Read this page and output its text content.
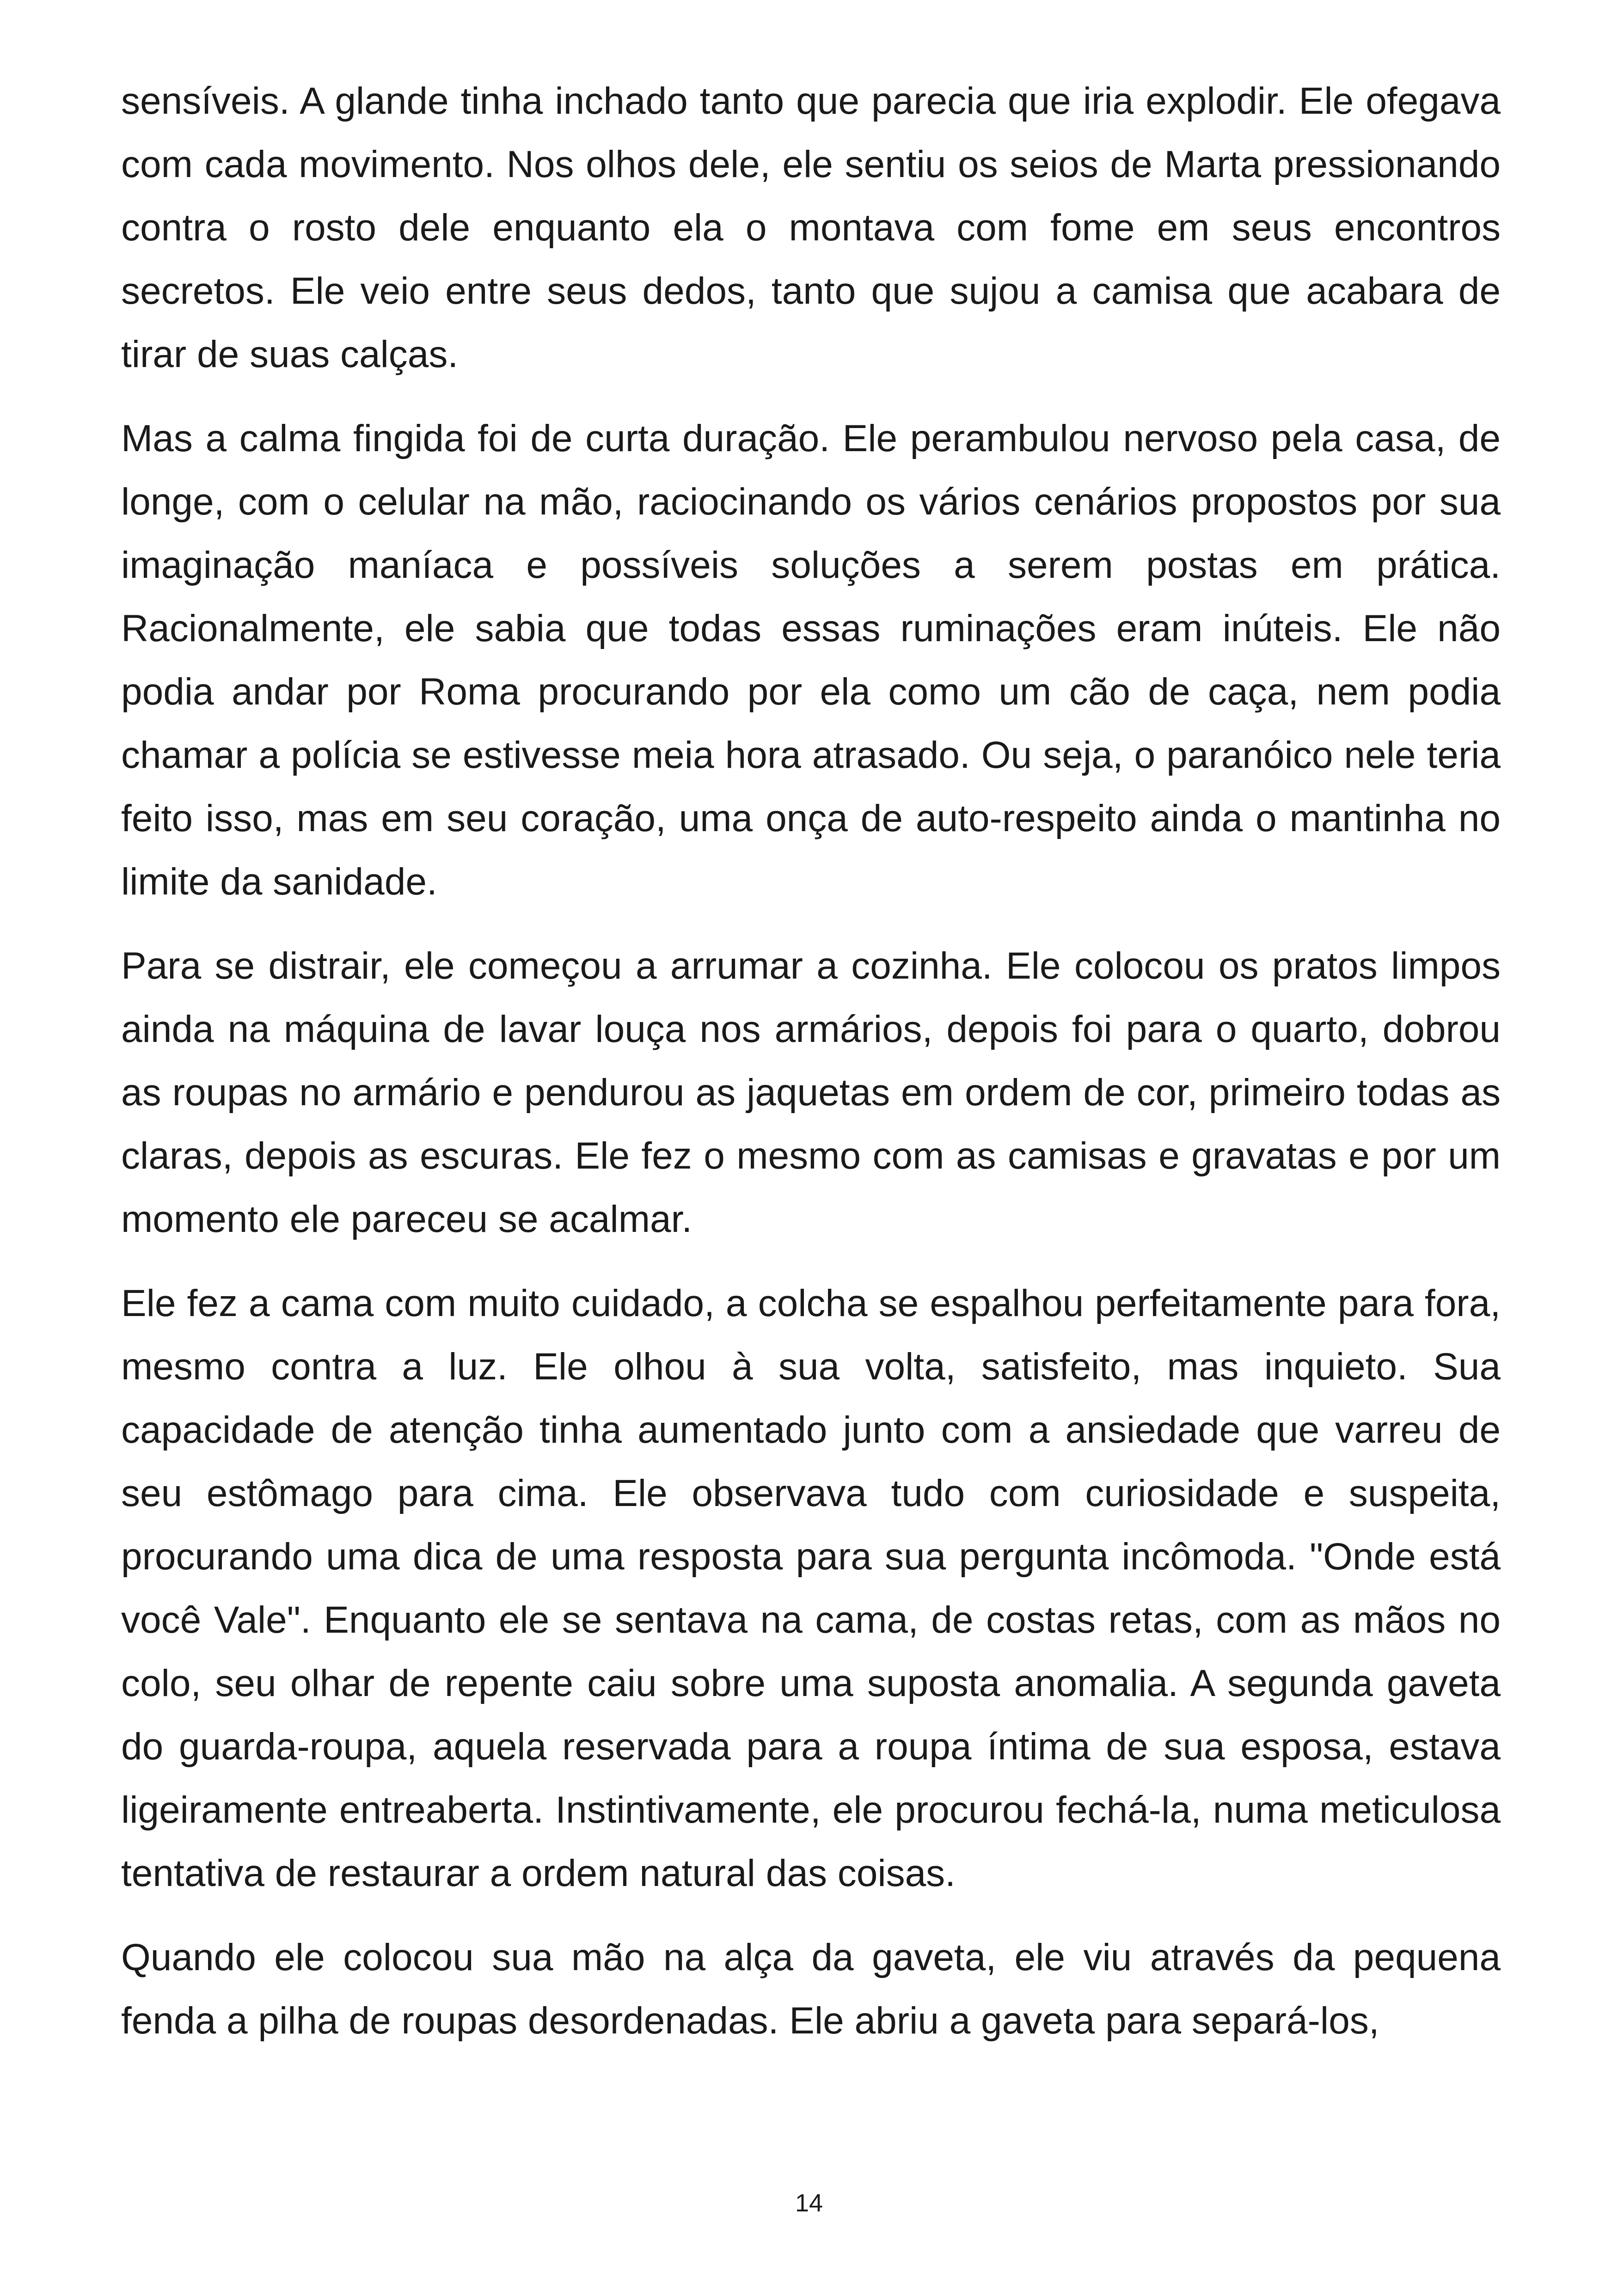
sensíveis. A glande tinha inchado tanto que parecia que iria explodir. Ele ofegava com cada movimento. Nos olhos dele, ele sentiu os seios de Marta pressionando contra o rosto dele enquanto ela o montava com fome em seus encontros secretos. Ele veio entre seus dedos, tanto que sujou a camisa que acabara de tirar de suas calças.

Mas a calma fingida foi de curta duração. Ele perambulou nervoso pela casa, de longe, com o celular na mão, raciocinando os vários cenários propostos por sua imaginação maníaca e possíveis soluções a serem postas em prática. Racionalmente, ele sabia que todas essas ruminações eram inúteis. Ele não podia andar por Roma procurando por ela como um cão de caça, nem podia chamar a polícia se estivesse meia hora atrasado. Ou seja, o paranóico nele teria feito isso, mas em seu coração, uma onça de auto-respeito ainda o mantinha no limite da sanidade.

Para se distrair, ele começou a arrumar a cozinha. Ele colocou os pratos limpos ainda na máquina de lavar louça nos armários, depois foi para o quarto, dobrou as roupas no armário e pendurou as jaquetas em ordem de cor, primeiro todas as claras, depois as escuras. Ele fez o mesmo com as camisas e gravatas e por um momento ele pareceu se acalmar.

Ele fez a cama com muito cuidado, a colcha se espalhou perfeitamente para fora, mesmo contra a luz. Ele olhou à sua volta, satisfeito, mas inquieto. Sua capacidade de atenção tinha aumentado junto com a ansiedade que varreu de seu estômago para cima. Ele observava tudo com curiosidade e suspeita, procurando uma dica de uma resposta para sua pergunta incômoda. "Onde está você Vale". Enquanto ele se sentava na cama, de costas retas, com as mãos no colo, seu olhar de repente caiu sobre uma suposta anomalia. A segunda gaveta do guarda-roupa, aquela reservada para a roupa íntima de sua esposa, estava ligeiramente entreaberta. Instintivamente, ele procurou fechá-la, numa meticulosa tentativa de restaurar a ordem natural das coisas.

Quando ele colocou sua mão na alça da gaveta, ele viu através da pequena fenda a pilha de roupas desordenadas. Ele abriu a gaveta para separá-los,

14
